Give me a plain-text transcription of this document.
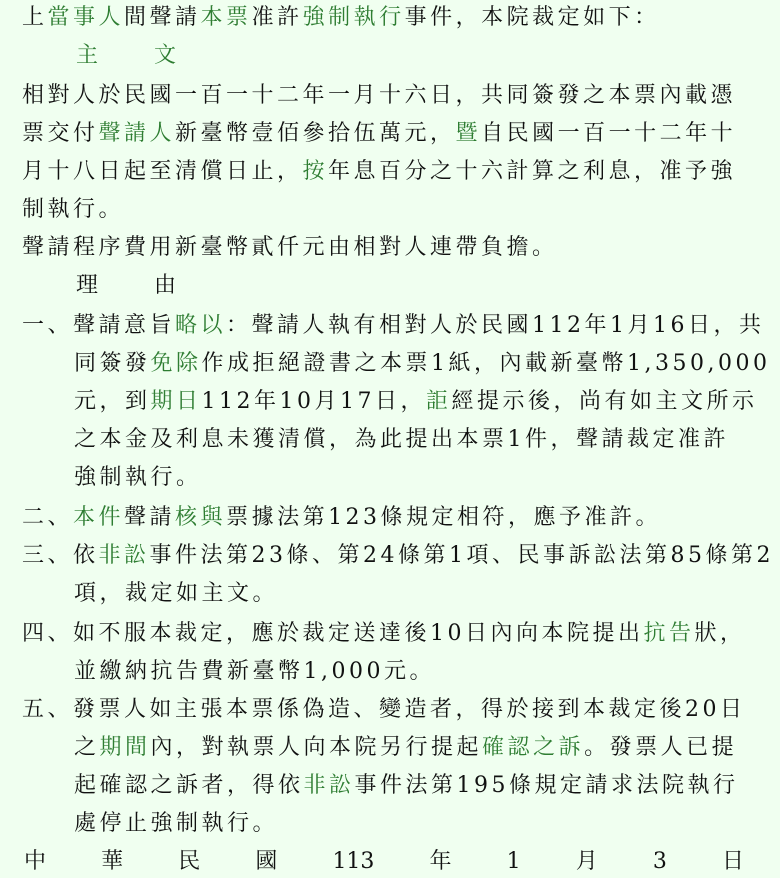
上當事人間聲請本票准許強制執行事件，本院裁定如下：
主	文
相對人於民國一百一十二年一月十六日，共同簽發之本票內載憑
票交付聲請人新臺幣壹佰參拾伍萬元，暨自民國一百一十二年十
月十八日起至清償日止，按年息百分之十六計算之利息，准予強
制執行。
聲請程序費用新臺幣貳仟元由相對人連帶負擔。
理	由
一、聲請意旨略以：聲請人執有相對人於民國112年1月16日，共
同簽發免除作成拒絕證書之本票1紙，內載新臺幣1,350,000
元，到期日112年10月17日，詎經提示後，尚有如主文所示
之本金及利息未獲清償，為此提出本票1件，聲請裁定准許
強制執行。
二、本件聲請核與票據法第123條規定相符，應予准許。
三、依非訟事件法第23條、第24條第1項、民事訴訟法第85條第2
項，裁定如主文。
四、如不服本裁定，應於裁定送達後10日內向本院提出抗告狀，
並繳納抗告費新臺幣1,000元。
五、發票人如主張本票係偽造、變造者，得於接到本裁定後20日
之期間內，對執票人向本院另行提起確認之訴。發票人已提
起確認之訴者，得依非訟事件法第195條規定請求法院執行
處停止強制執行。
中	華	民	國	113	年	1	月	3	日
